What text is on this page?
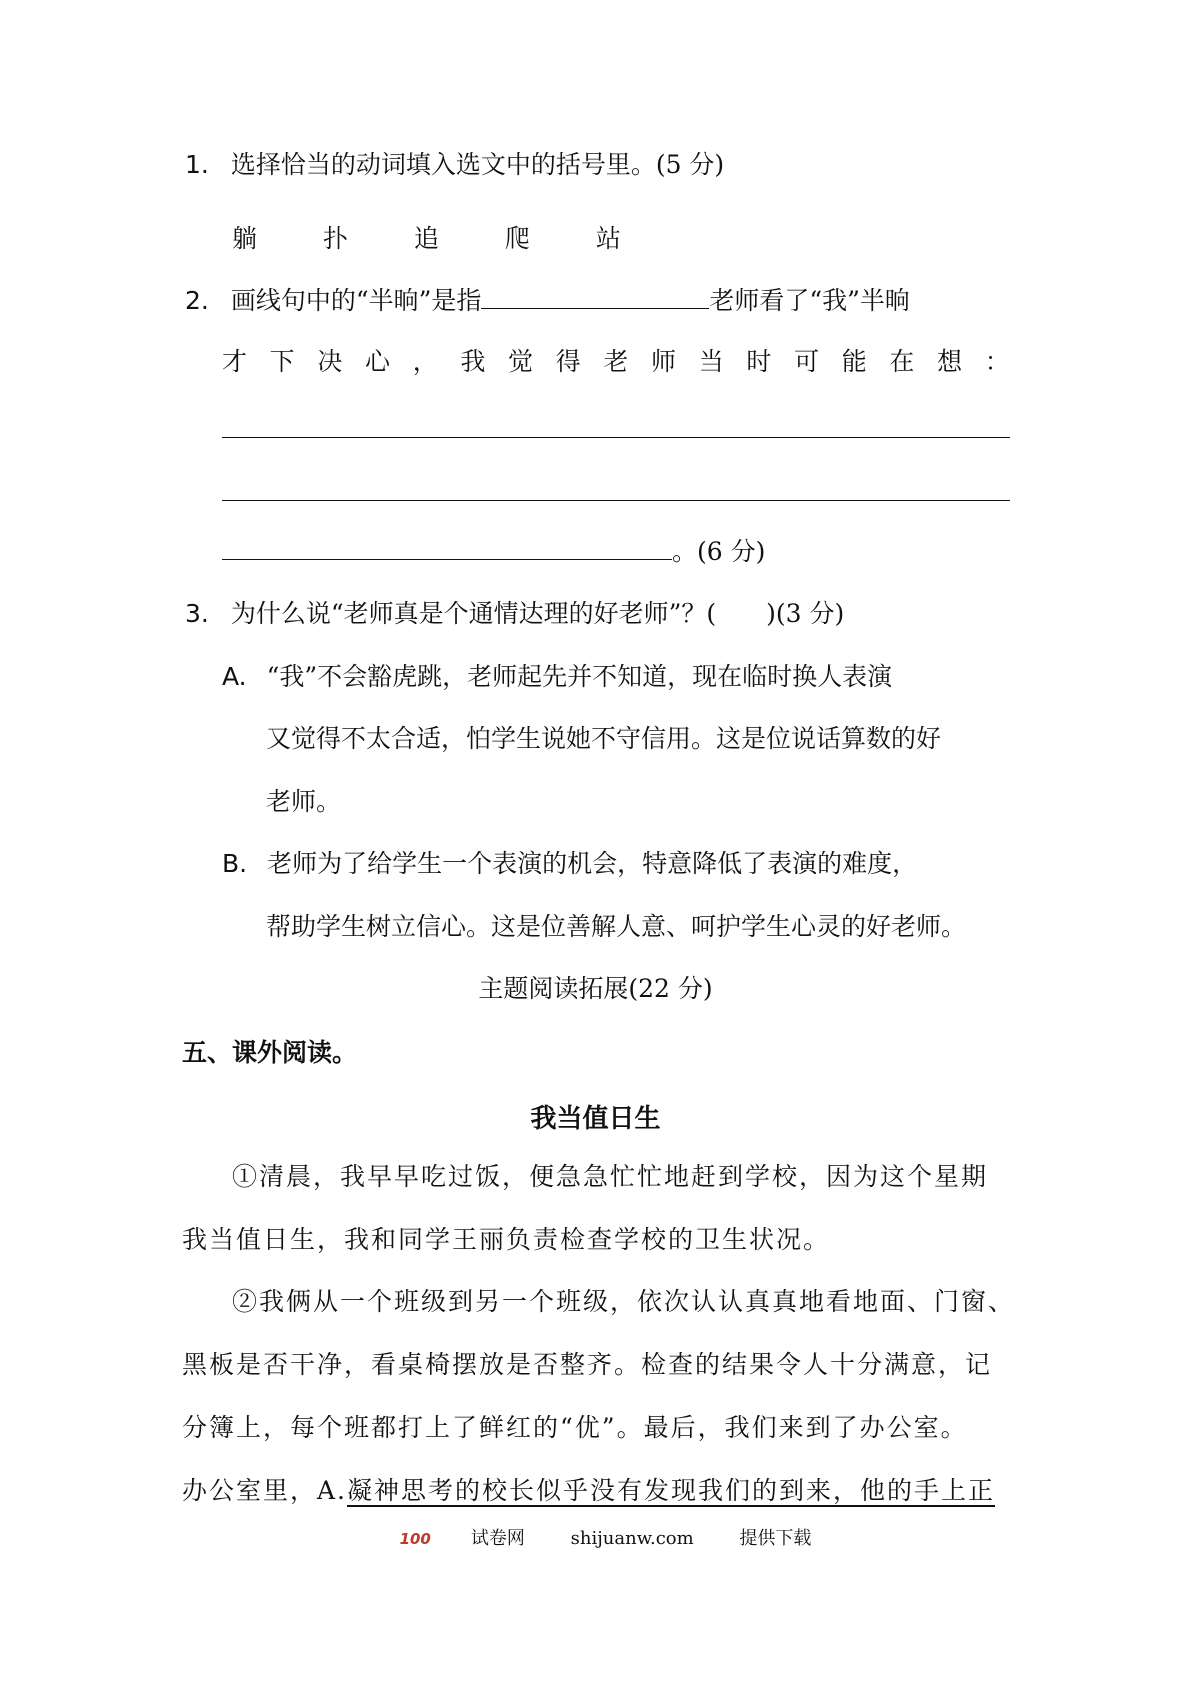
1. 选择恰当的动词填入选文中的括号里。(5 分)
躺	扑	追	爬	站
2. 画线句中的“半晌”是指	老师看了“我”半晌
才 下 决 心 ， 我 觉 得 老 师 当 时 可 能 在 想 ：
。(6 分)
3. 为什么说“老师真是个通情达理的好老师”？(　　)(3 分)
A. “我”不会豁虎跳，老师起先并不知道，现在临时换人表演
又觉得不太合适，怕学生说她不守信用。这是位说话算数的好
老师。
B. 老师为了给学生一个表演的机会，特意降低了表演的难度，
帮助学生树立信心。这是位善解人意、呵护学生心灵的好老师。
主题阅读拓展(22 分)
五、课外阅读。
我当值日生
①清晨，我早早吃过饭，便急急忙忙地赶到学校，因为这个星期
我当值日生，我和同学王丽负责检查学校的卫生状况。
②我俩从一个班级到另一个班级，依次认认真真地看地面、门窗、
黑板是否干净，看桌椅摆放是否整齐。检查的结果令人十分满意，记
分簿上，每个班都打上了鲜红的“优”。最后，我们来到了办公室。
办公室里，A.凝神思考的校长似乎没有发现我们的到来，他的手上正
100 试卷网	shijuanw.com	提供下载
